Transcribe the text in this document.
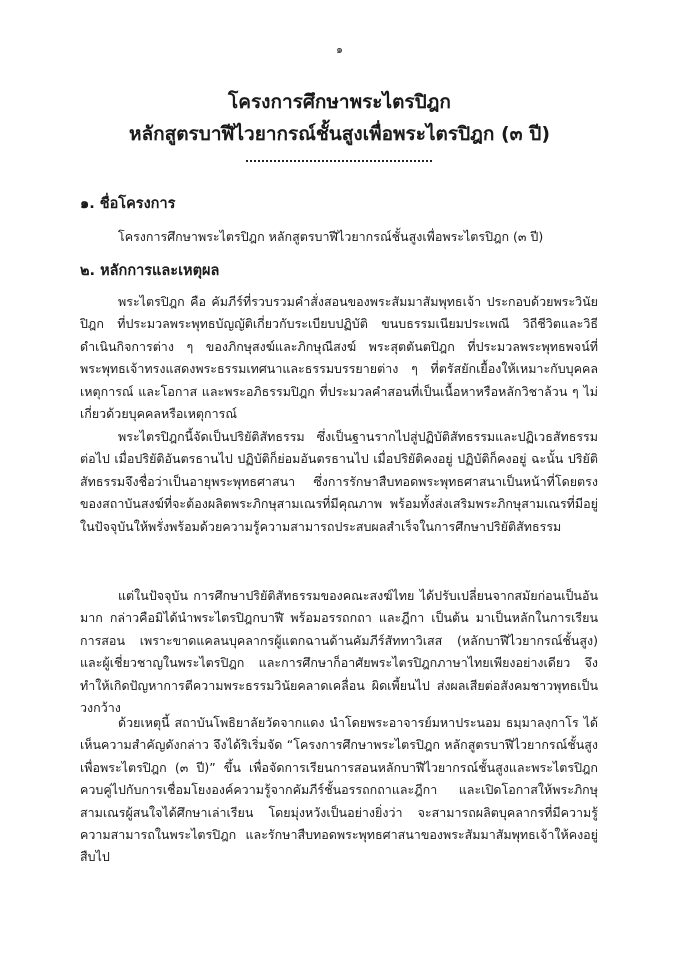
๑
โครงการศึกษาพระไตรปิฎก
หลักสูตรบาฬีไวยากรณ์ชั้นสูงเพื่อพระไตรปิฎก (๓ ปี)
๑. ชื่อโครงการ
โครงการศึกษาพระไตรปิฎก หลักสูตรบาฬีไวยากรณ์ชั้นสูงเพื่อพระไตรปิฎก (๓ ปี)
๒. หลักการและเหตุผล

พระไตรปิฎก คือ คัมภีร์ที่รวบรวมคำสั่งสอนของพระสัมมาสัมพุทธเจ้า ประกอบด้วยพระวินัยปิฎก ที่ประมวลพระพุทธบัญญัติเกี่ยวกับระเบียบปฏิบัติ ขนบธรรมเนียมประเพณี วิถีชีวิตและวิธีดำเนินกิจการต่าง ๆ ของภิกษุสงฆ์และภิกษุณีสงฆ์ พระสุตตันตปิฎก ที่ประมวลพระพุทธพจน์ที่พระพุทธเจ้าทรงแสดงพระธรรมเทศนาและธรรมบรรยายต่าง ๆ ที่ตรัสยักเยื้องให้เหมาะกับบุคคล เหตุการณ์ และโอกาส และพระอภิธรรมปิฎก ที่ประมวลคำสอนที่เป็นเนื้อหาหรือหลักวิชาล้วน ๆ ไม่เกี่ยวด้วยบุคคลหรือเหตุการณ์

พระไตรปิฎกนี้จัดเป็นปริยัติสัทธรรม ซึ่งเป็นฐานรากไปสู่ปฏิบัติสัทธรรมและปฏิเวธสัทธรรมต่อไป เมื่อปริยัติอันตรธานไป ปฏิบัติก็ย่อมอันตรธานไป เมื่อปริยัติคงอยู่ ปฏิบัติก็คงอยู่ ฉะนั้น ปริยัติสัทธรรมจึงชื่อว่าเป็นอายุพระพุทธศาสนา ซึ่งการรักษาสืบทอดพระพุทธศาสนาเป็นหน้าที่โดยตรงของสถาบันสงฆ์ที่จะต้องผลิตพระภิกษุสามเณรที่มีคุณภาพ พร้อมทั้งส่งเสริมพระภิกษุสามเณรที่มีอยู่ในปัจจุบันให้พรั่งพร้อมด้วยความรู้ความสามารถประสบผลสำเร็จในการศึกษาปริยัติสัทธรรม

แต่ในปัจจุบัน การศึกษาปริยัติสัทธรรมของคณะสงฆ์ไทย ได้ปรับเปลี่ยนจากสมัยก่อนเป็นอันมาก กล่าวคือมิได้นำพระไตรปิฎกบาฬี พร้อมอรรถกถา และฎีกา เป็นต้น มาเป็นหลักในการเรียน การสอน เพราะขาดแคลนบุคลากรผู้แตกฉานด้านคัมภีร์สัททาวิเสส (หลักบาฬีไวยากรณ์ชั้นสูง) และผู้เชี่ยวชาญในพระไตรปิฎก และการศึกษาก็อาศัยพระไตรปิฎกภาษาไทยเพียงอย่างเดียว จึงทำให้เกิดปัญหาการตีความพระธรรมวินัยคลาดเคลื่อน ผิดเพี้ยนไป ส่งผลเสียต่อสังคมชาวพุทธเป็นวงกว้าง

ด้วยเหตุนี้ สถาบันโพธิยาลัยวัดจากแดง นำโดยพระอาจารย์มหาประนอม ธมฺมาลงฺกาโร ได้เห็นความสำคัญดังกล่าว จึงได้ริเริ่มจัด “โครงการศึกษาพระไตรปิฎก หลักสูตรบาฬีไวยากรณ์ชั้นสูงเพื่อพระไตรปิฎก (๓ ปี)” ขึ้น เพื่อจัดการเรียนการสอนหลักบาฬีไวยากรณ์ชั้นสูงและพระไตรปิฎกควบคู่ไปกับการเชื่อมโยงองค์ความรู้จากคัมภีร์ชั้นอรรถกถาและฎีกา และเปิดโอกาสให้พระภิกษุสามเณรผู้สนใจได้ศึกษาเล่าเรียน โดยมุ่งหวังเป็นอย่างยิ่งว่า จะสามารถผลิตบุคลากรที่มีความรู้ความสามารถในพระไตรปิฎก และรักษาสืบทอดพระพุทธศาสนาของพระสัมมาสัมพุทธเจ้าให้คงอยู่สืบไป
